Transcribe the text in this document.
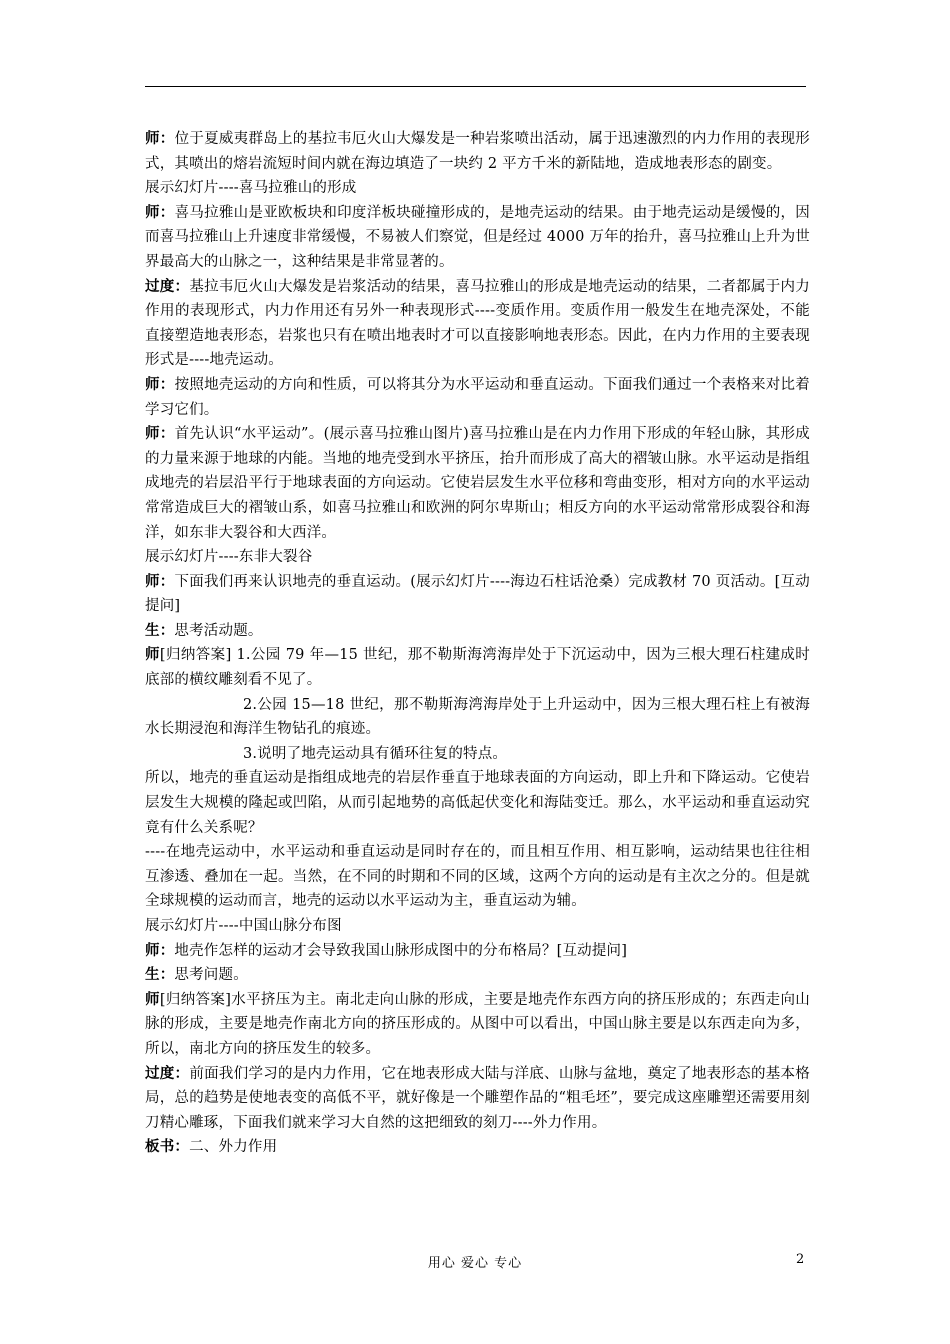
师：位于夏威夷群岛上的基拉韦厄火山大爆发是一种岩浆喷出活动，属于迅速激烈的内力作用的表现形式，其喷出的熔岩流短时间内就在海边填造了一块约 2 平方千米的新陆地，造成地表形态的剧变。

展示幻灯片----喜马拉雅山的形成

师：喜马拉雅山是亚欧板块和印度洋板块碰撞形成的，是地壳运动的结果。由于地壳运动是缓慢的，因而喜马拉雅山上升速度非常缓慢，不易被人们察觉，但是经过 4000 万年的抬升，喜马拉雅山上升为世界最高大的山脉之一，这种结果是非常显著的。

过度：基拉韦厄火山大爆发是岩浆活动的结果，喜马拉雅山的形成是地壳运动的结果，二者都属于内力作用的表现形式，内力作用还有另外一种表现形式----变质作用。变质作用一般发生在地壳深处，不能直接塑造地表形态，岩浆也只有在喷出地表时才可以直接影响地表形态。因此，在内力作用的主要表现形式是----地壳运动。

师：按照地壳运动的方向和性质，可以将其分为水平运动和垂直运动。下面我们通过一个表格来对比着学习它们。

师：首先认识“水平运动”。(展示喜马拉雅山图片)喜马拉雅山是在内力作用下形成的年轻山脉，其形成的力量来源于地球的内能。当地的地壳受到水平挤压，抬升而形成了高大的褶皱山脉。水平运动是指组成地壳的岩层沿平行于地球表面的方向运动。它使岩层发生水平位移和弯曲变形，相对方向的水平运动常常造成巨大的褶皱山系，如喜马拉雅山和欧洲的阿尔卑斯山；相反方向的水平运动常常形成裂谷和海洋，如东非大裂谷和大西洋。

展示幻灯片----东非大裂谷

师：下面我们再来认识地壳的垂直运动。(展示幻灯片----海边石柱话沧桑）完成教材 70 页活动。[互动提问]

生：思考活动题。

师[归纳答案] 1.公园 79 年—15 世纪，那不勒斯海湾海岸处于下沉运动中，因为三根大理石柱建成时底部的横纹雕刻看不见了。

2.公园 15—18 世纪，那不勒斯海湾海岸处于上升运动中，因为三根大理石柱上有被海水长期浸泡和海洋生物钻孔的痕迹。

3.说明了地壳运动具有循环往复的特点。

所以，地壳的垂直运动是指组成地壳的岩层作垂直于地球表面的方向运动，即上升和下降运动。它使岩层发生大规模的隆起或凹陷，从而引起地势的高低起伏变化和海陆变迁。那么，水平运动和垂直运动究竟有什么关系呢？

----在地壳运动中，水平运动和垂直运动是同时存在的，而且相互作用、相互影响，运动结果也往往相互渗透、叠加在一起。当然，在不同的时期和不同的区域，这两个方向的运动是有主次之分的。但是就全球规模的运动而言，地壳的运动以水平运动为主，垂直运动为辅。

展示幻灯片----中国山脉分布图

师：地壳作怎样的运动才会导致我国山脉形成图中的分布格局？[互动提问]

生：思考问题。

师[归纳答案]水平挤压为主。南北走向山脉的形成，主要是地壳作东西方向的挤压形成的；东西走向山脉的形成，主要是地壳作南北方向的挤压形成的。从图中可以看出，中国山脉主要是以东西走向为多，所以，南北方向的挤压发生的较多。

过度：前面我们学习的是内力作用，它在地表形成大陆与洋底、山脉与盆地，奠定了地表形态的基本格局，总的趋势是使地表变的高低不平，就好像是一个雕塑作品的“粗毛坯”，要完成这座雕塑还需要用刻刀精心雕琢，下面我们就来学习大自然的这把细致的刻刀----外力作用。

板书：二、外力作用

用心 爱心 专心	2
